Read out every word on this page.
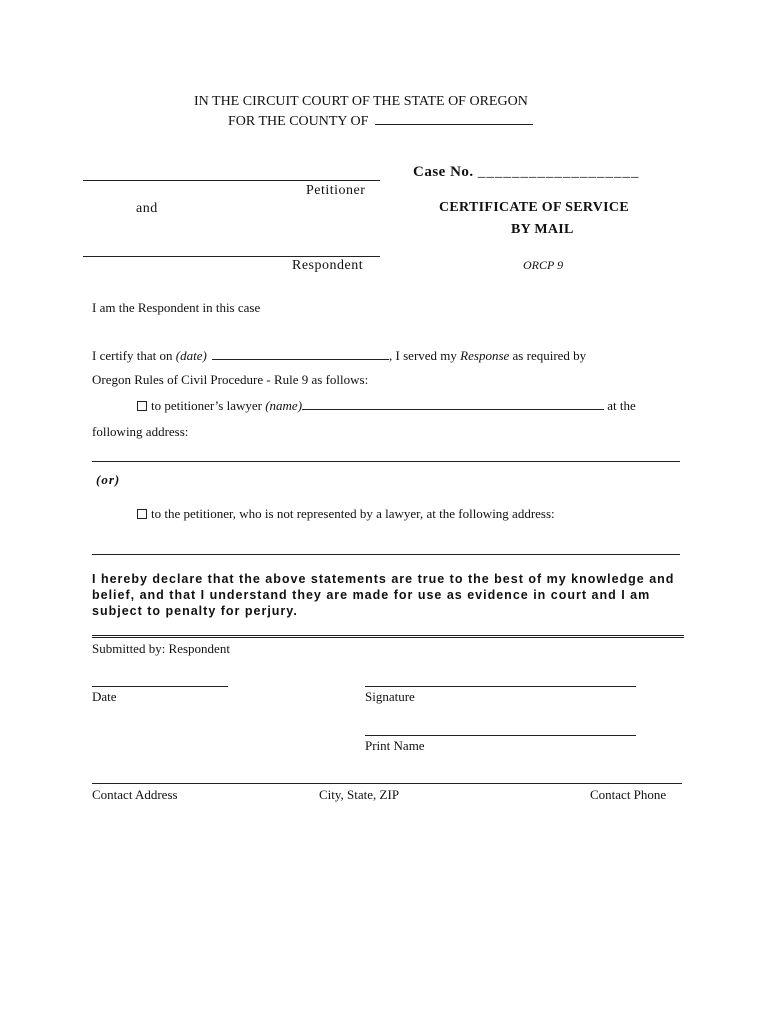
IN THE CIRCUIT COURT OF THE STATE OF OREGON
FOR THE COUNTY OF
Petitioner
and
Respondent
Case No. ___________________
CERTIFICATE OF SERVICE
BY MAIL
ORCP 9
I am the Respondent in this case
I certify that on (date)	, I served my Response as required by
Oregon Rules of Civil Procedure - Rule 9 as follows:
to petitioner’s lawyer (name)	at the
following address:
(or)
to the petitioner, who is not represented by a lawyer, at the following address:
I hereby declare that the above statements are true to the best of my knowledge and belief, and that I understand they are made for use as evidence in court and I am subject to penalty for perjury.
Submitted by: Respondent
Date	Signature
Print Name
Contact Address	City, State, ZIP	Contact Phone
